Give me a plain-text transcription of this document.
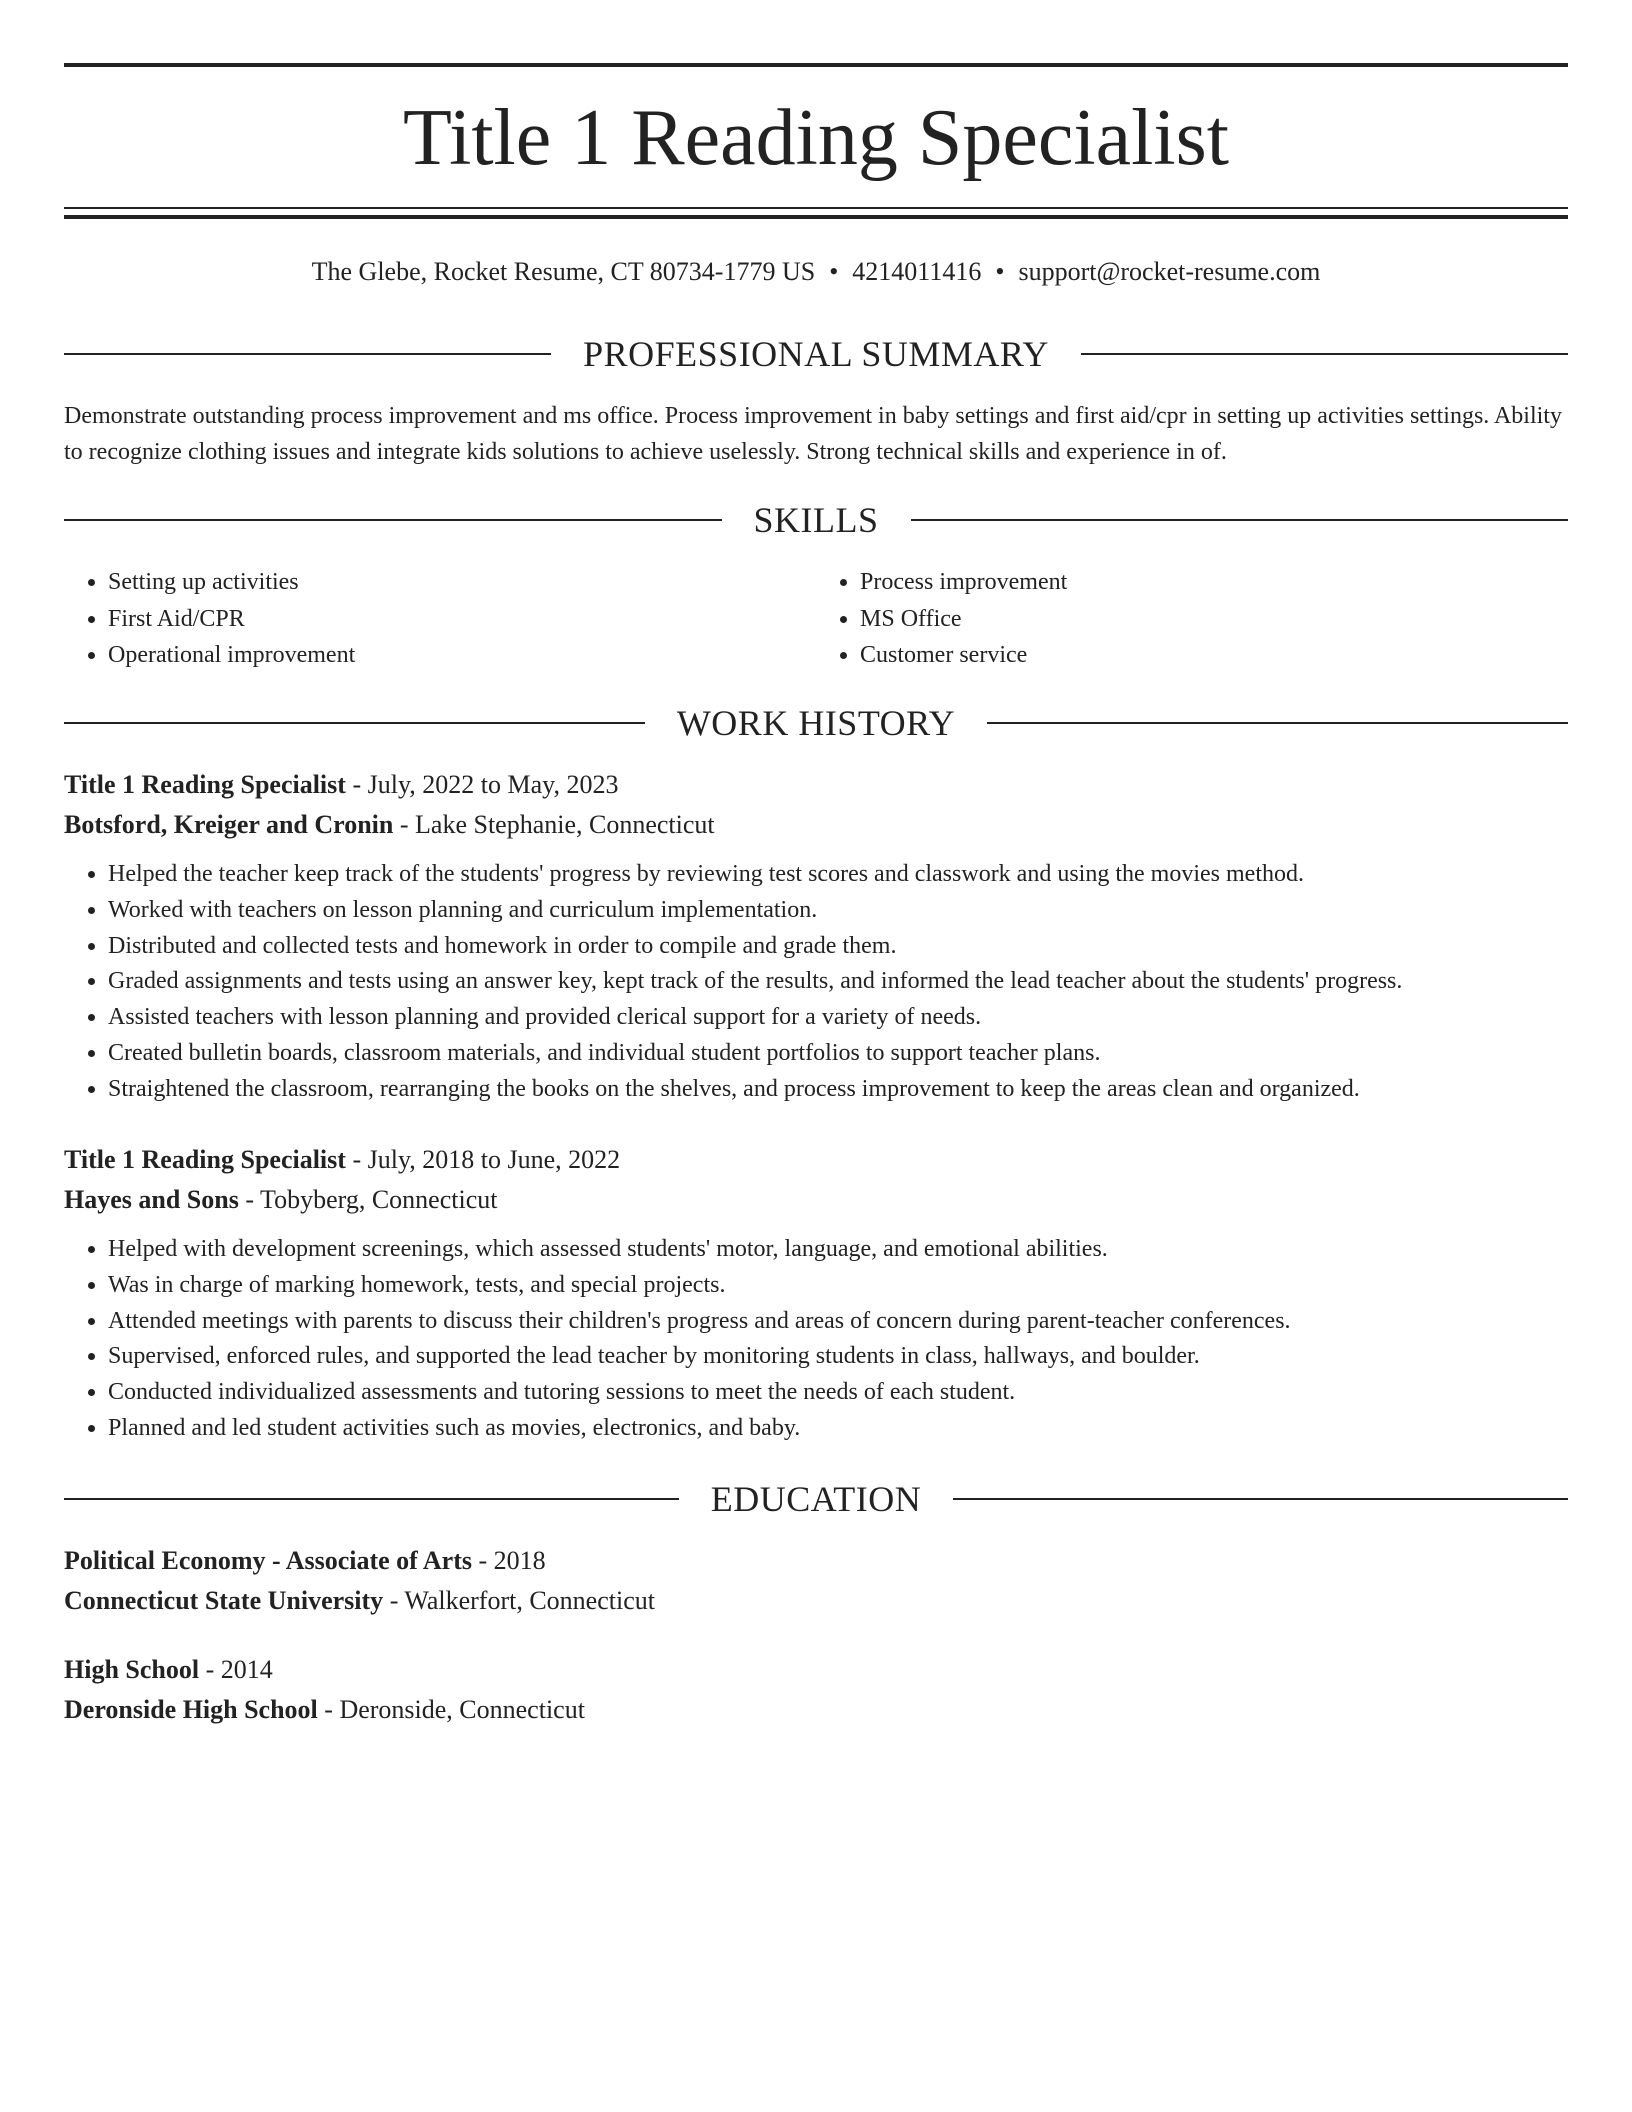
Title 1 Reading Specialist
The Glebe, Rocket Resume, CT 80734-1779 US • 4214011416 • support@rocket-resume.com
PROFESSIONAL SUMMARY

Demonstrate outstanding process improvement and ms office. Process improvement in baby settings and first aid/cpr in setting up activities settings. Ability to recognize clothing issues and integrate kids solutions to achieve uselessly. Strong technical skills and experience in of.

SKILLS
• Setting up activities
• First Aid/CPR
• Operational improvement
• Process improvement
• MS Office
• Customer service
WORK HISTORY
Title 1 Reading Specialist - July, 2022 to May, 2023
Botsford, Kreiger and Cronin - Lake Stephanie, Connecticut
• Helped the teacher keep track of the students' progress by reviewing test scores and classwork and using the movies method.
• Worked with teachers on lesson planning and curriculum implementation.
• Distributed and collected tests and homework in order to compile and grade them.
• Graded assignments and tests using an answer key, kept track of the results, and informed the lead teacher about the students' progress.
• Assisted teachers with lesson planning and provided clerical support for a variety of needs.
• Created bulletin boards, classroom materials, and individual student portfolios to support teacher plans.
• Straightened the classroom, rearranging the books on the shelves, and process improvement to keep the areas clean and organized.
Title 1 Reading Specialist - July, 2018 to June, 2022
Hayes and Sons - Tobyberg, Connecticut
• Helped with development screenings, which assessed students' motor, language, and emotional abilities.
• Was in charge of marking homework, tests, and special projects.
• Attended meetings with parents to discuss their children's progress and areas of concern during parent-teacher conferences.
• Supervised, enforced rules, and supported the lead teacher by monitoring students in class, hallways, and boulder.
• Conducted individualized assessments and tutoring sessions to meet the needs of each student.
• Planned and led student activities such as movies, electronics, and baby.
EDUCATION
Political Economy - Associate of Arts - 2018
Connecticut State University - Walkerfort, Connecticut
High School - 2014
Deronside High School - Deronside, Connecticut
